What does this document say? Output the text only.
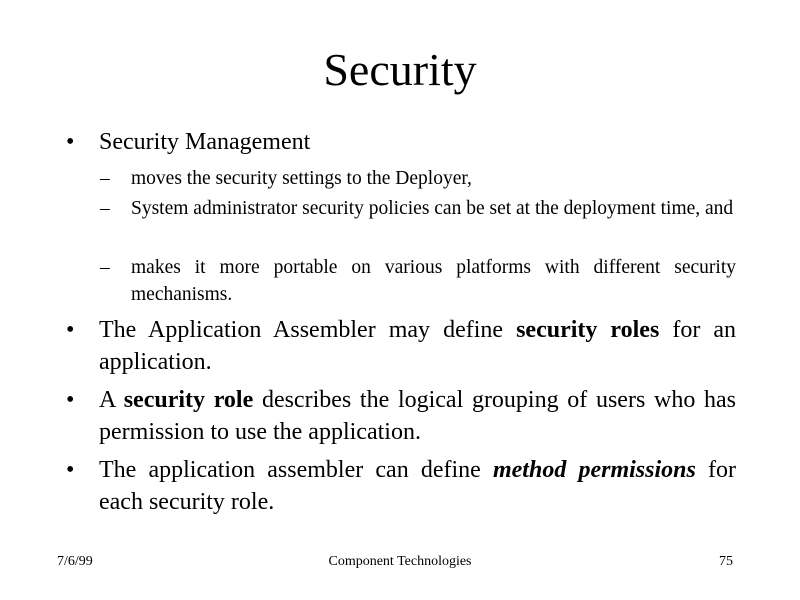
Security
• Security Management
– moves the security settings to the Deployer,
– System administrator security policies can be set at the deployment time, and
– makes it more portable on various platforms with different security mechanisms.
• The Application Assembler may define security roles for an application.
• A security role describes the logical grouping of users who has permission to use the application.
• The application assembler can define method permissions for each security role.
7/6/99	Component Technologies	75
